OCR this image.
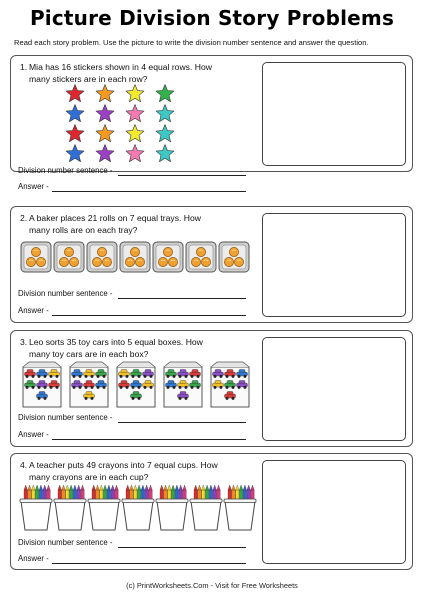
Picture Division Story Problems
Read each story problem. Use the picture to write the division number sentence and answer the question.
1. Mia has 16 stickers shown in 4 equal rows. How
many stickers are in each row?
2. A baker places 21 rolls on 7 equal trays. How
many rolls are on each tray?
3. Leo sorts 35 toy cars into 5 equal boxes. How
many toy cars are in each box?
4. A teacher puts 49 crayons into 7 equal cups. How
many crayons are in each cup?
Division number sentence -
Answer -
Division number sentence -
Answer -
Division number sentence -
Answer -
Division number sentence -
Answer -
(c) PrintWorksheets.Com - Visit for Free Worksheets
